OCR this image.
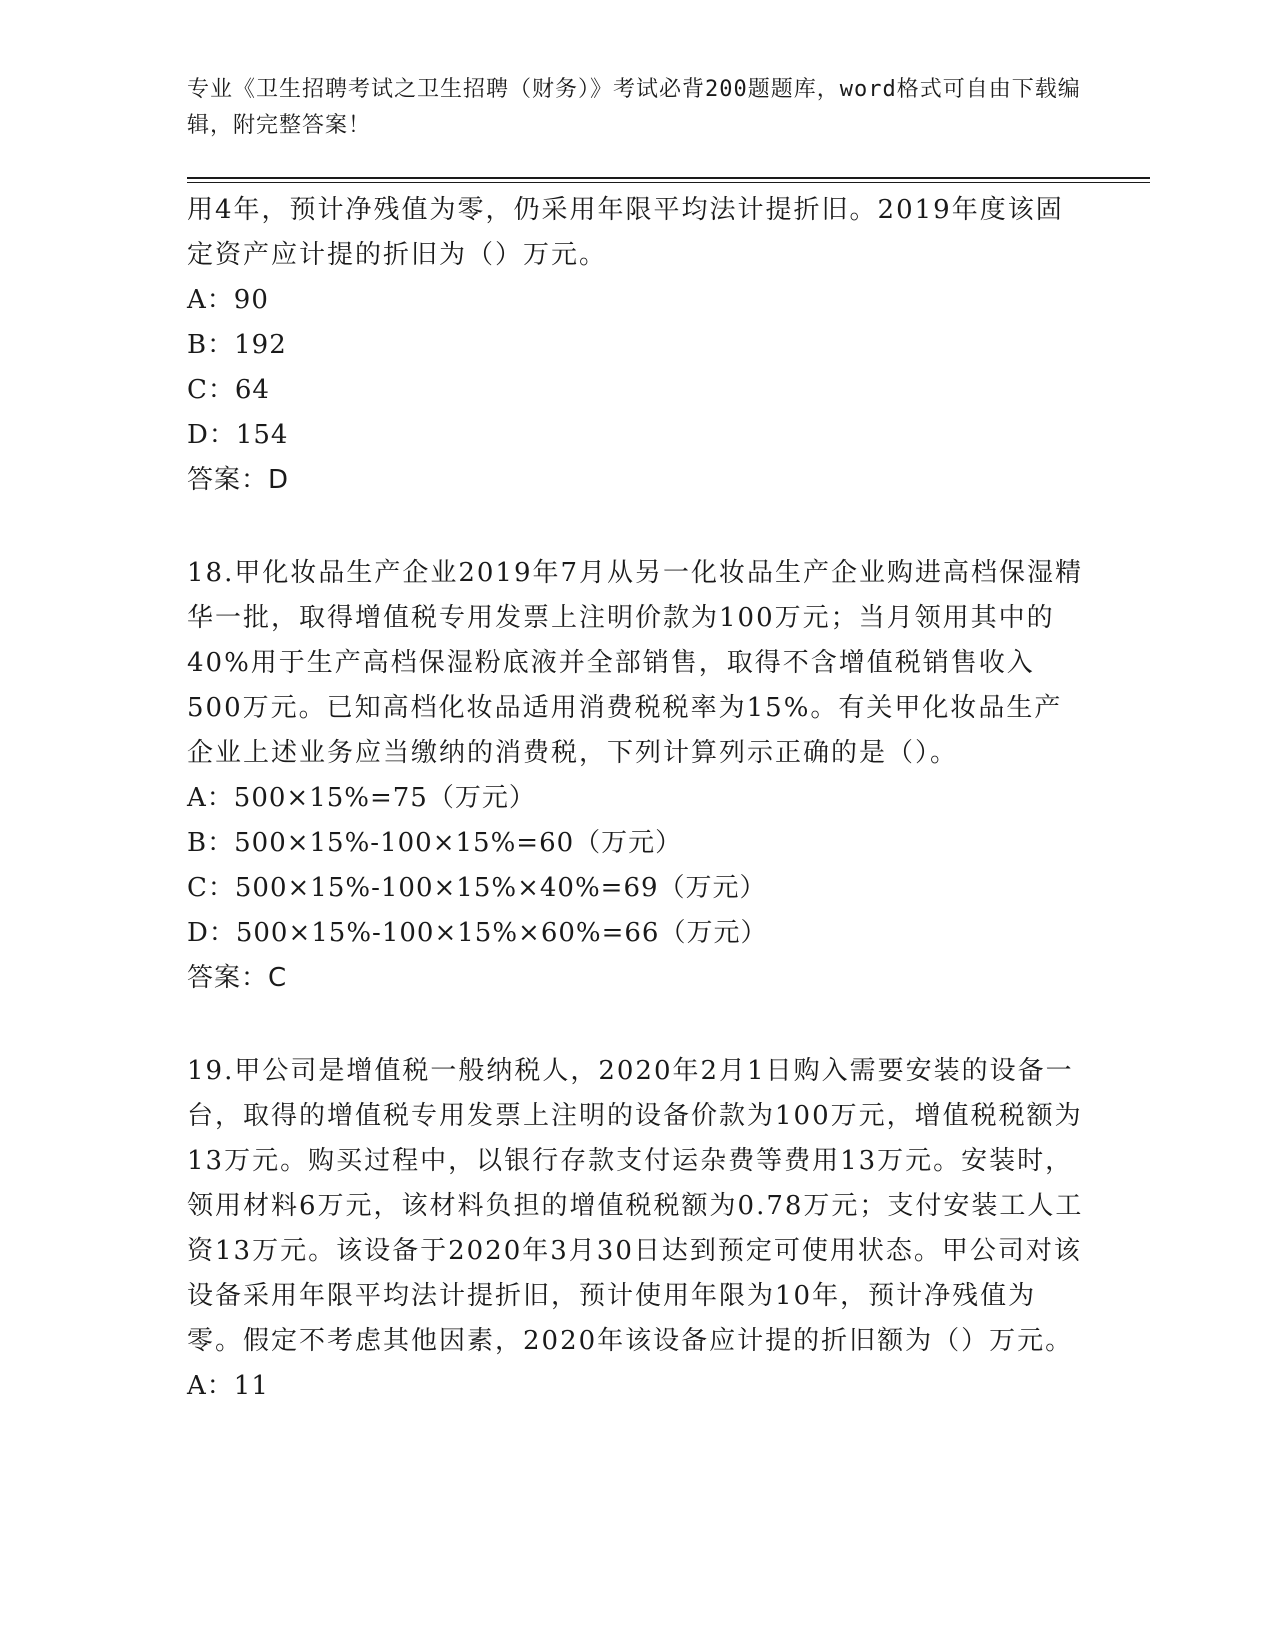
专业《卫生招聘考试之卫生招聘（财务）》考试必背200题题库，word格式可自由下载编辑，附完整答案！

用4年，预计净残值为零，仍采用年限平均法计提折旧。2019年度该固定资产应计提的折旧为（）万元。

A：90

B：192

C：64

D：154

答案：D

18.甲化妆品生产企业2019年7月从另一化妆品生产企业购进高档保湿精华一批，取得增值税专用发票上注明价款为100万元；当月领用其中的40%用于生产高档保湿粉底液并全部销售，取得不含增值税销售收入500万元。已知高档化妆品适用消费税税率为15%。有关甲化妆品生产企业上述业务应当缴纳的消费税，下列计算列示正确的是（）。

A：500×15%=75（万元）

B：500×15%-100×15%=60（万元）

C：500×15%-100×15%×40%=69（万元）

D：500×15%-100×15%×60%=66（万元）

答案：C

19.甲公司是增值税一般纳税人，2020年2月1日购入需要安装的设备一台，取得的增值税专用发票上注明的设备价款为100万元，增值税税额为13万元。购买过程中，以银行存款支付运杂费等费用13万元。安装时，领用材料6万元，该材料负担的增值税税额为0.78万元；支付安装工人工资13万元。该设备于2020年3月30日达到预定可使用状态。甲公司对该设备采用年限平均法计提折旧，预计使用年限为10年，预计净残值为零。假定不考虑其他因素，2020年该设备应计提的折旧额为（）万元。

A：11
